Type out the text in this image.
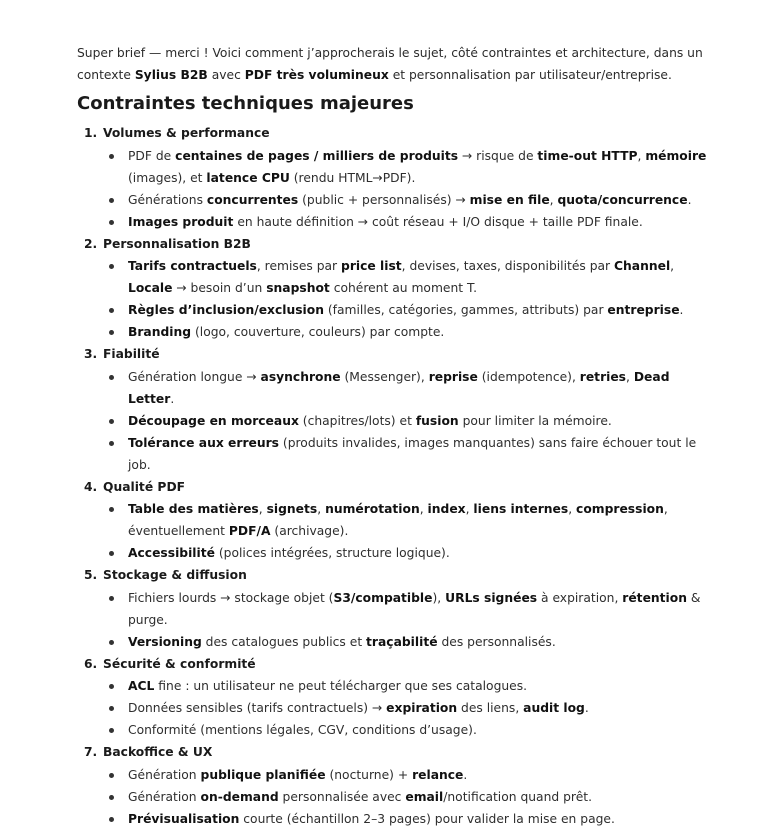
Super brief — merci ! Voici comment j’approcherais le sujet, côté contraintes et architecture, dans un contexte Sylius B2B avec PDF très volumineux et personnalisation par utilisateur/entreprise.

Contraintes techniques majeures
1. Volumes & performance
PDF de centaines de pages / milliers de produits → risque de time-out HTTP, mémoire (images), et latence CPU (rendu HTML→PDF).
Générations concurrentes (public + personnalisés) → mise en file, quota/concurrence.
Images produit en haute définition → coût réseau + I/O disque + taille PDF finale.
2. Personnalisation B2B
Tarifs contractuels, remises par price list, devises, taxes, disponibilités par Channel, Locale → besoin d’un snapshot cohérent au moment T.
Règles d’inclusion/exclusion (familles, catégories, gammes, attributs) par entreprise.
Branding (logo, couverture, couleurs) par compte.
3. Fiabilité
Génération longue → asynchrone (Messenger), reprise (idempotence), retries, Dead Letter.
Découpage en morceaux (chapitres/lots) et fusion pour limiter la mémoire.
Tolérance aux erreurs (produits invalides, images manquantes) sans faire échouer tout le job.
4. Qualité PDF
Table des matières, signets, numérotation, index, liens internes, compression, éventuellement PDF/A (archivage).
Accessibilité (polices intégrées, structure logique).
5. Stockage & diffusion
Fichiers lourds → stockage objet (S3/compatible), URLs signées à expiration, rétention & purge.
Versioning des catalogues publics et traçabilité des personnalisés.
6. Sécurité & conformité
ACL fine : un utilisateur ne peut télécharger que ses catalogues.
Données sensibles (tarifs contractuels) → expiration des liens, audit log.
Conformité (mentions légales, CGV, conditions d’usage).
7. Backoffice & UX
Génération publique planifiée (nocturne) + relance.
Génération on-demand personnalisée avec email/notification quand prêt.
Prévisualisation courte (échantillon 2–3 pages) pour valider la mise en page.
